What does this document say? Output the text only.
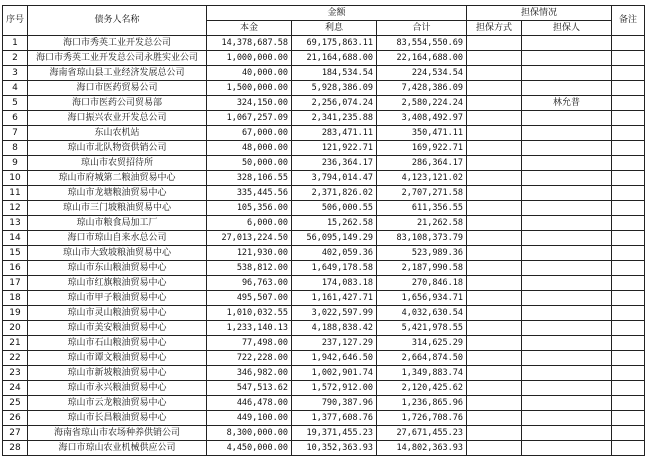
序号	债务人名称	金额			担保情况		备注
		本金	利息	合计	担保方式	担保人	
1	海口市秀英工业开发总公司	14,378,687.58	69,175,863.11	83,554,550.69			
2	海口市秀英工业开发总公司永胜实业公司	1,000,000.00	21,164,688.00	22,164,688.00			
3	海南省琼山县工业经济发展总公司	40,000.00	184,534.54	224,534.54			
4	海口市医药贸易公司	1,500,000.00	5,928,386.09	7,428,386.09			
5	海口市医药公司贸易部	324,150.00	2,256,074.24	2,580,224.24		林允普	
6	海口振兴农业开发总公司	1,067,257.09	2,341,235.88	3,408,492.97			
7	东山农机站	67,000.00	283,471.11	350,471.11			
8	琼山市北队物资供销公司	48,000.00	121,922.71	169,922.71			
9	琼山市农贸招待所	50,000.00	236,364.17	286,364.17			
10	琼山市府城第二粮油贸易中心	328,106.55	3,794,014.47	4,123,121.02			
11	琼山市龙塘粮油贸易中心	335,445.56	2,371,826.02	2,707,271.58			
12	琼山市三门坡粮油贸易中心	105,356.00	506,000.55	611,356.55			
13	琼山市粮食局加工厂	6,000.00	15,262.58	21,262.58			
14	海口市琼山自来水总公司	27,013,224.50	56,095,149.29	83,108,373.79			
15	琼山市大致坡粮油贸易中心	121,930.00	402,059.36	523,989.36			
16	琼山市东山粮油贸易中心	538,812.00	1,649,178.58	2,187,990.58			
17	琼山市红旗粮油贸易中心	96,763.00	174,083.18	270,846.18			
18	琼山市甲子粮油贸易中心	495,507.00	1,161,427.71	1,656,934.71			
19	琼山市灵山粮油贸易中心	1,010,032.55	3,022,597.99	4,032,630.54			
20	琼山市美安粮油贸易中心	1,233,140.13	4,188,838.42	5,421,978.55			
21	琼山市石山粮油贸易中心	77,498.00	237,127.29	314,625.29			
22	琼山市谭文粮油贸易中心	722,228.00	1,942,646.50	2,664,874.50			
23	琼山市新坡粮油贸易中心	346,982.00	1,002,901.74	1,349,883.74			
24	琼山市永兴粮油贸易中心	547,513.62	1,572,912.00	2,120,425.62			
25	琼山市云龙粮油贸易中心	446,478.00	790,387.96	1,236,865.96			
26	琼山市长昌粮油贸易中心	449,100.00	1,377,608.76	1,726,708.76			
27	海南省琼山市农场种养供销公司	8,300,000.00	19,371,455.23	27,671,455.23			
28	海口市琼山农业机械供应公司	4,450,000.00	10,352,363.93	14,802,363.93			
